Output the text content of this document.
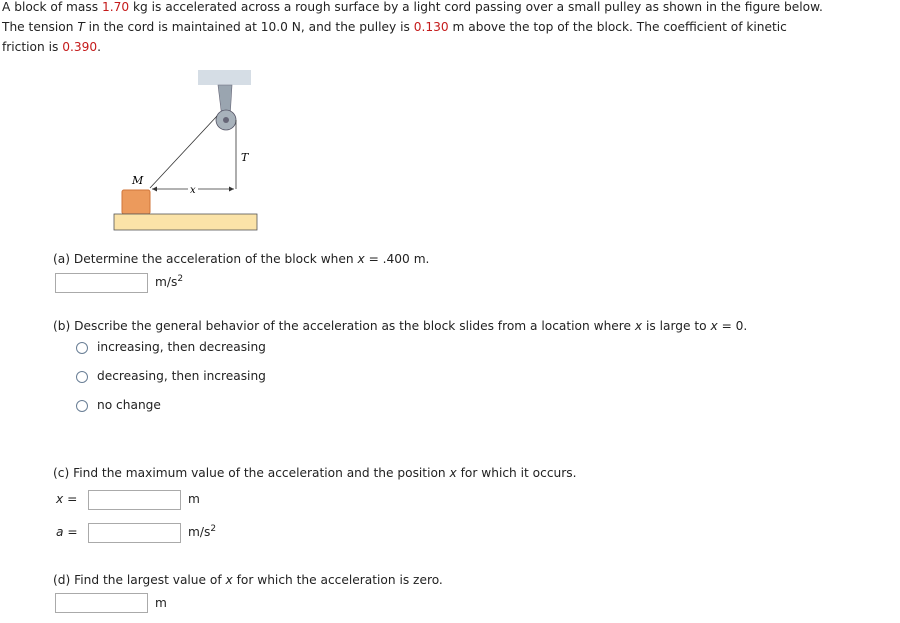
A block of mass 1.70 kg is accelerated across a rough surface by a light cord passing over a small pulley as shown in the figure below.
The tension T in the cord is maintained at 10.0 N, and the pulley is 0.130 m above the top of the block. The coefficient of kinetic
friction is 0.390.
x
T
M
(a) Determine the acceleration of the block when x = .400 m.
$m/s^2$
(b) Describe the general behavior of the acceleration as the block slides from a location where x is large to x = 0.
increasing, then decreasing
decreasing, then increasing
no change
(c) Find the maximum value of the acceleration and the position x for which it occurs.
x =	m
a =	$m/s^2$
(d) Find the largest value of x for which the acceleration is zero.
m
